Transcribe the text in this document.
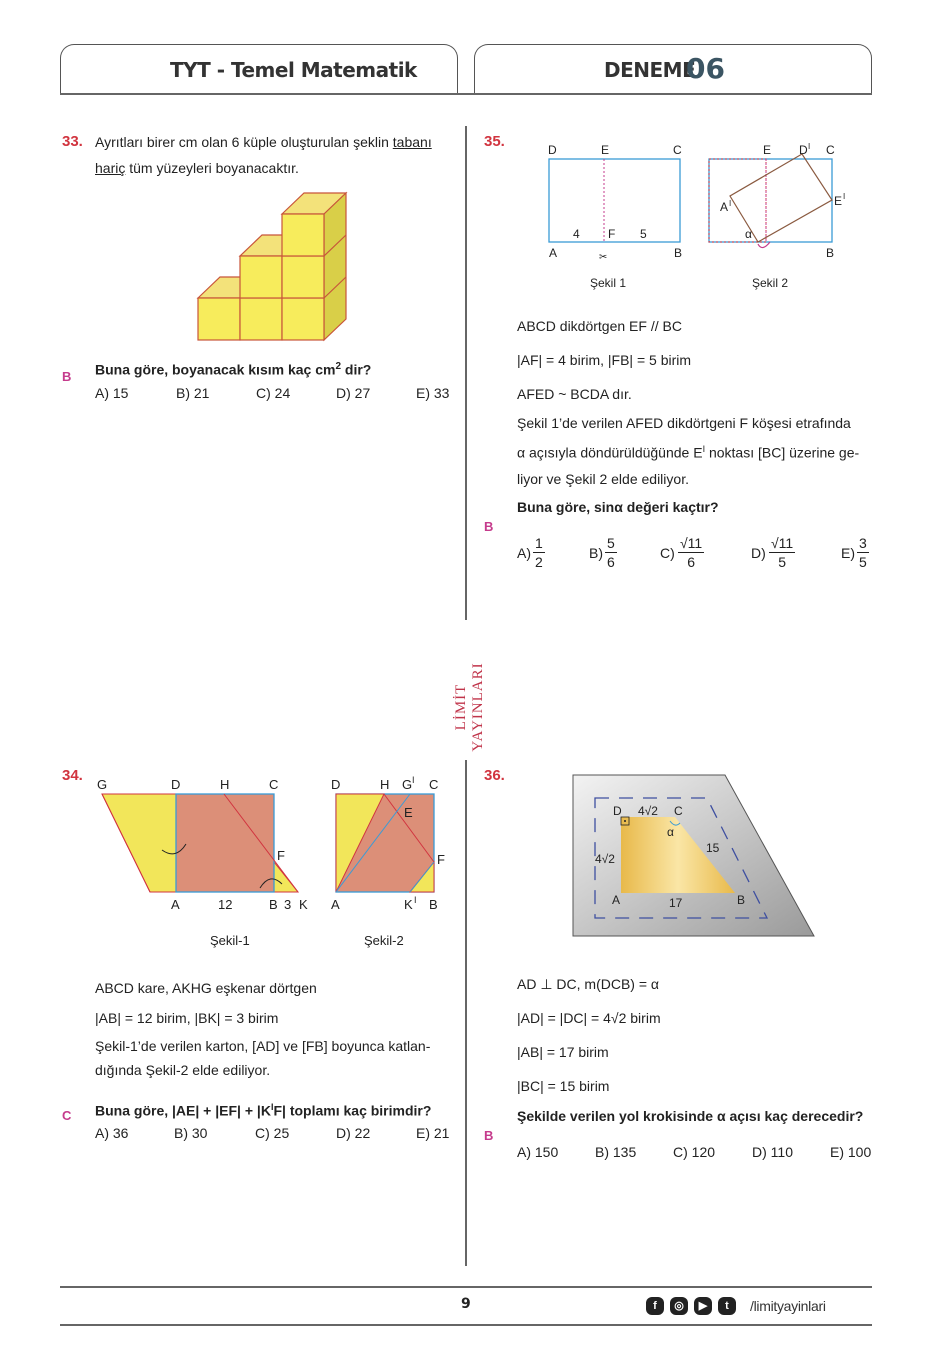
TYT - Temel Matematik	DENEME
06
LİMİT YAYINLARI
33. Ayrıtları birer cm olan 6 küple oluşturulan şeklin tabanı
hariç tüm yüzeyleri boyanacaktır.
B Buna göre, boyanacak kısım kaç $cm^2$ dir?
A) 15	B) 21	C) 24	D) 27	E) 33
35.	D	E	C
4 F 5
A	B
✂
E D I C
A I	E I
α
B
Şekil 1	Şekil 2
ABCD dikdörtgen EF // BC
|AF| = 4 birim, |FB| = 5 birim
AFED ~ BCDA dır.
Şekil 1’de verilen AFED dikdörtgeni F köşesi etrafında
α açısıyla döndürüldüğünde $E^I$ noktası [BC] üzerine ge-
liyor ve Şekil 2 elde ediliyor.
Buna göre, sinα değeri kaçtır?
B
$A) \frac{1}{2}$	$B) \frac{5}{6}$	$C) \frac{√11}{6}$	$D) \frac{√11}{5}$	$E) \frac{3}{5}$
34.
G	D	H	C
F
A	12	B 3 K
D	H G I C
E
F
A	K I B
Şekil-1	Şekil-2
ABCD kare, AKHG eşkenar dörtgen
|AB| = 12 birim, |BK| = 3 birim
Şekil-1’de verilen karton, [AD] ve [FB] boyunca katlan-
dığında Şekil-2 elde ediliyor.
C Buna göre, $|AE| + |EF| + |K^IF|$ toplamı kaç birimdir?
A) 36	B) 30	C) 25	D) 22	E) 21
36.
D 4√2 C
α
15
4√2
A	17	B
AD ⊥ DC, m(DCB) = α
|AD| = |DC| = 4√2 birim
|AB| = 17 birim
|BC| = 15 birim
Şekilde verilen yol krokisinde α açısı kaç derecedir?
B
A) 150	B) 135	C) 120	D) 110	E) 100
9	f	◎	▶	t	/limityayinlari
